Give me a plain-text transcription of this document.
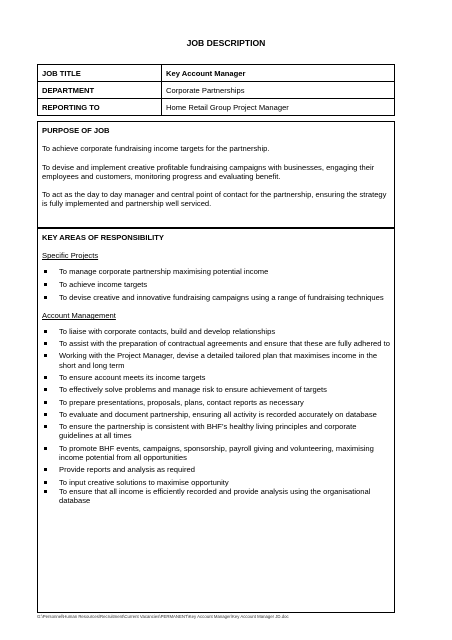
JOB DESCRIPTION
JOB TITLE	Key Account Manager
DEPARTMENT	Corporate Partnerships
REPORTING TO	Home Retail Group Project Manager

PURPOSE OF JOB

To achieve corporate fundraising income targets for the partnership.

To devise and implement creative profitable fundraising campaigns with businesses, engaging their employees and customers, monitoring progress and evaluating benefit.

To act as the day to day manager and central point of contact for the partnership, ensuring the strategy is fully implemented and partnership well serviced.

KEY AREAS OF RESPONSIBILITY

Specific Projects

To manage corporate partnership maximising potential income
To achieve income targets
To devise creative and innovative fundraising campaigns using a range of fundraising techniques

Account Management

To liaise with corporate contacts, build and develop relationships
To assist with the preparation of contractual agreements and ensure that these are fully adhered to
Working with the Project Manager, devise a detailed tailored plan that maximises income in the short and long term
To ensure account meets its income targets
To effectively solve problems and manage risk to ensure achievement of targets
To prepare presentations, proposals, plans, contact reports as necessary
To evaluate and document partnership, ensuring all activity is recorded accurately on database
To ensure the partnership is consistent with BHF’s healthy living principles and corporate guidelines at all times
To promote BHF events, campaigns, sponsorship, payroll giving and volunteering, maximising income potential from all opportunities
Provide reports and analysis as required
To input creative solutions to maximise opportunity
To ensure that all income is efficiently recorded and provide analysis using the organisational database
G:\Personnel\Human Resources\Recruitment\Current Vacancies\PERMANENT\Key Account Manager\Key Account Manager JD.doc
